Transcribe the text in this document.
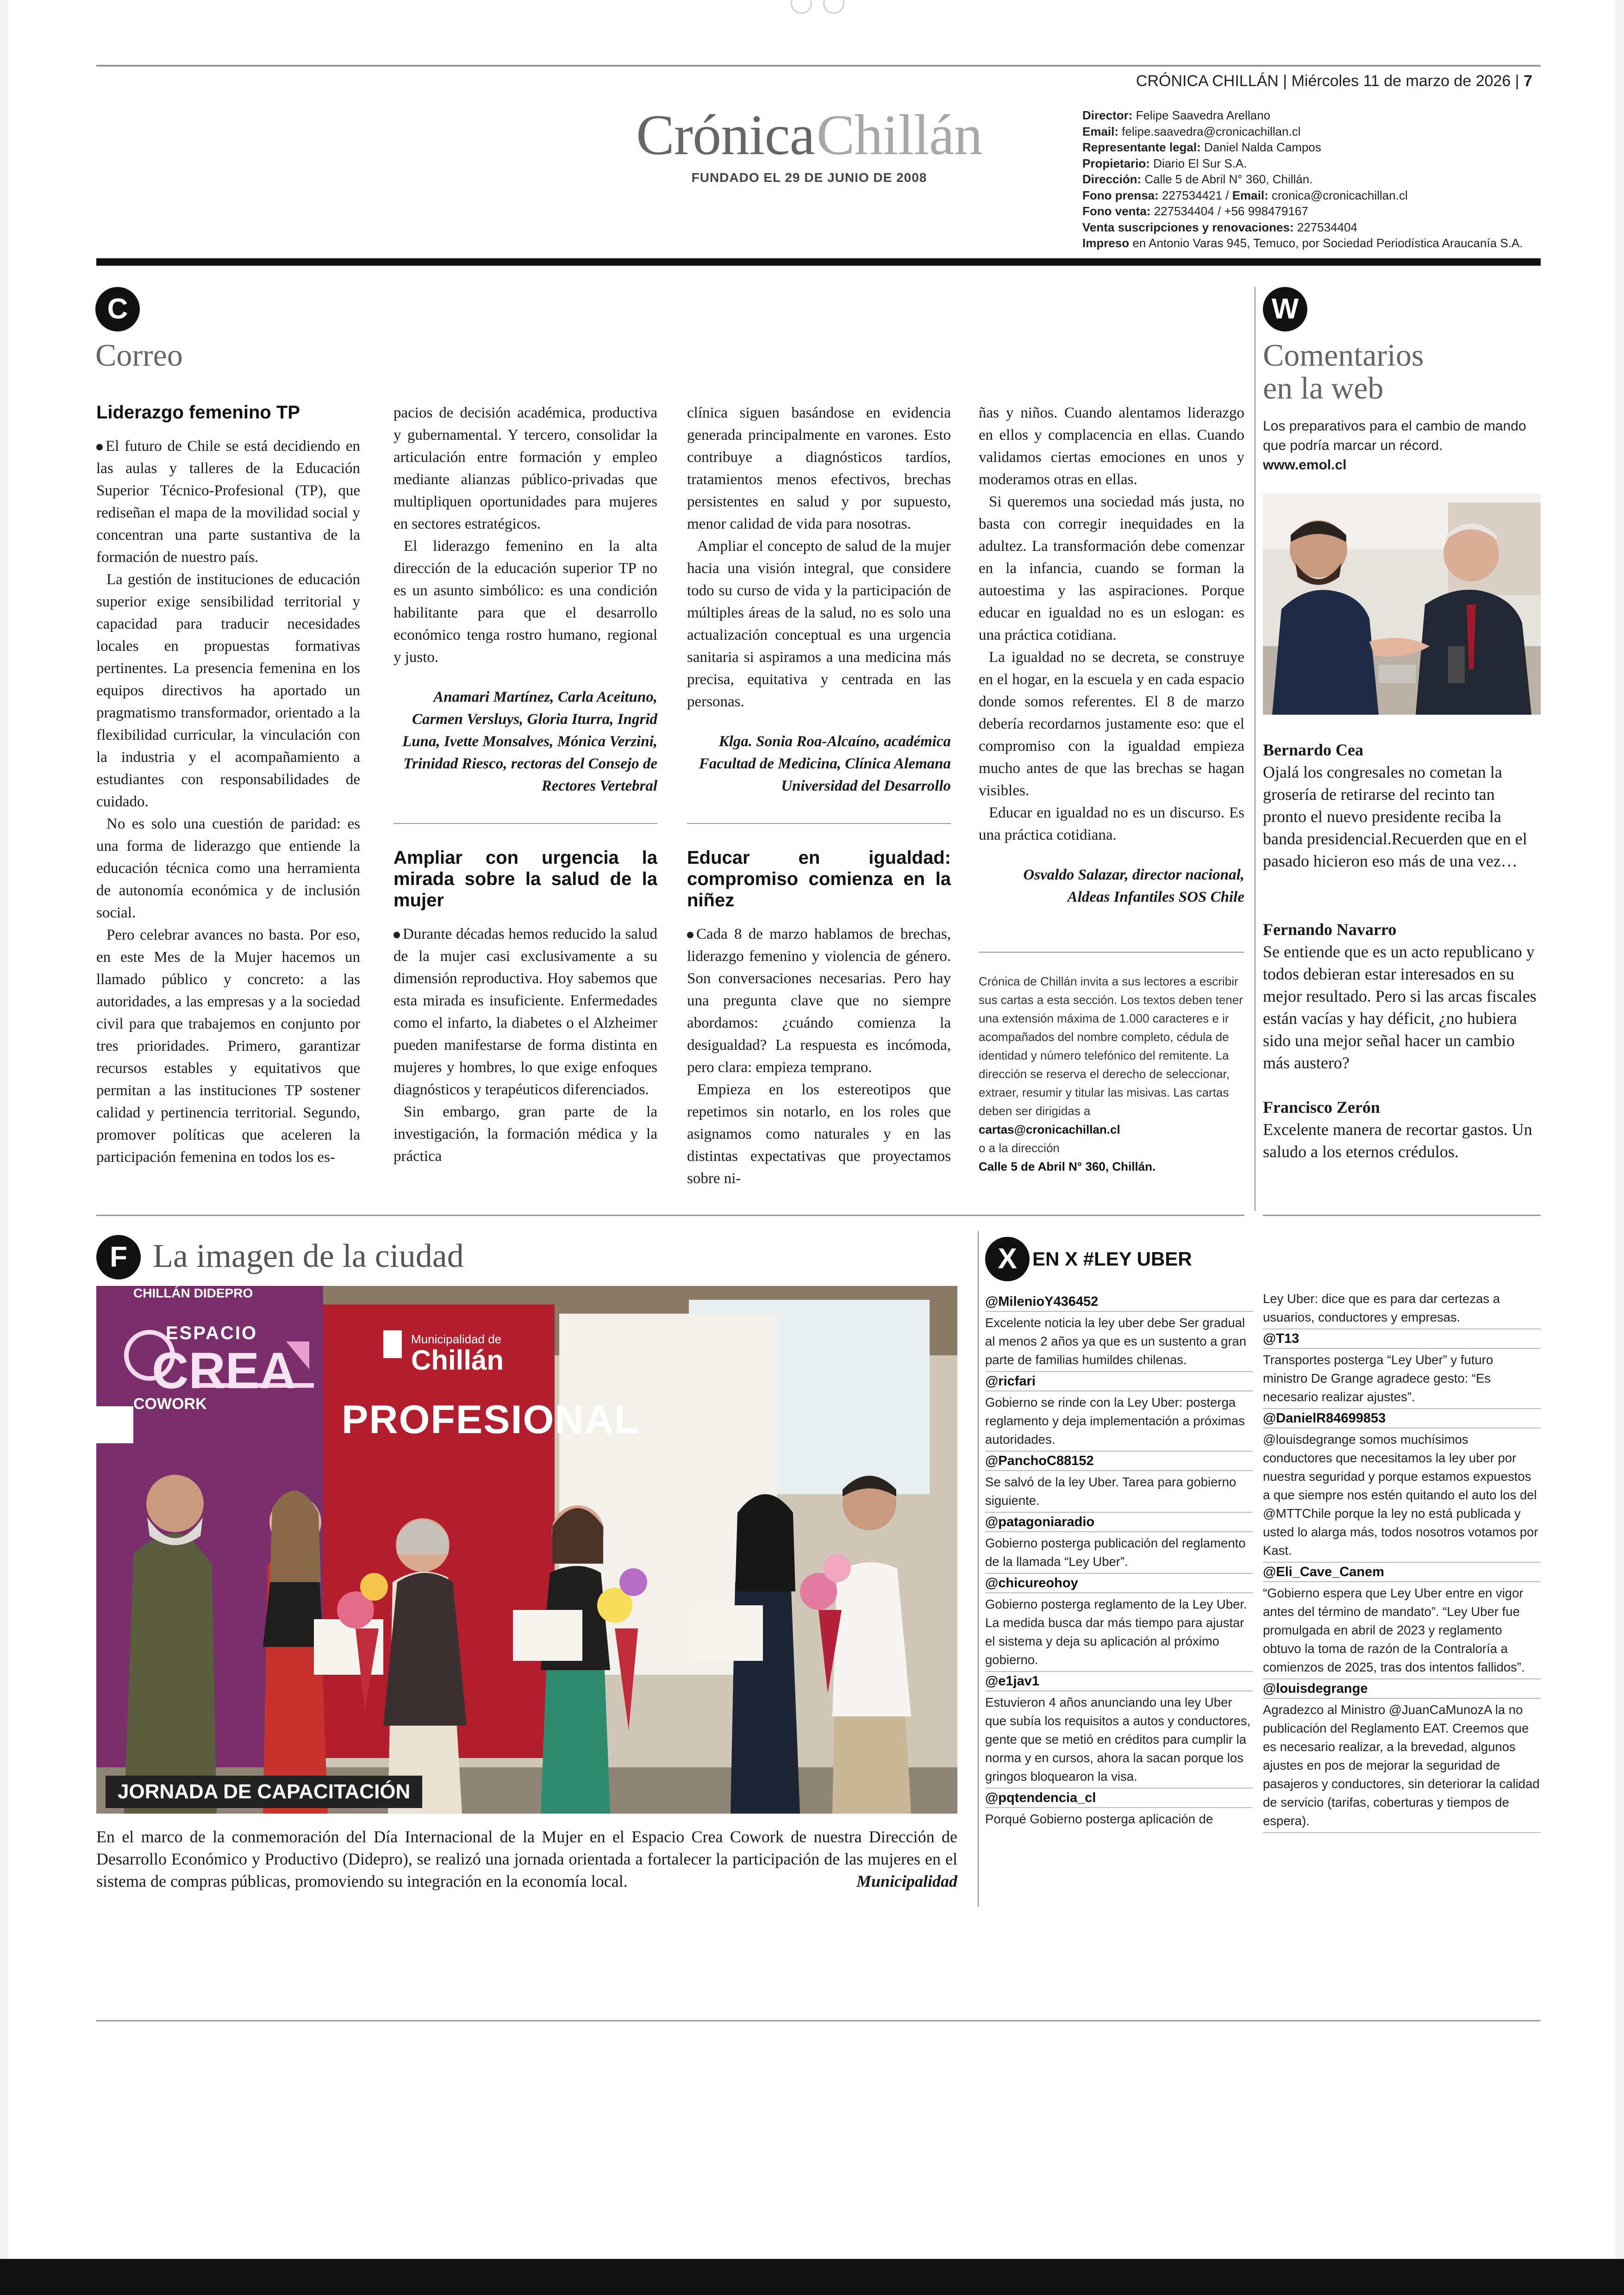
CRÓNICA CHILLÁN | Miércoles 11 de marzo de 2026 | 7
Crónica Chillán
FUNDADO EL 29 DE JUNIO DE 2008
Director: Felipe Saavedra Arellano
Email: felipe.saavedra@cronicachillan.cl
Representante legal: Daniel Nalda Campos
Propietario: Diario El Sur S.A.
Dirección: Calle 5 de Abril N° 360, Chillán.
Fono prensa: 227534421 / Email: cronica@cronicachillan.cl
Fono venta: 227534404 / +56 998479167
Venta suscripciones y renovaciones: 227534404
Impreso en Antonio Varas 945, Temuco, por Sociedad Periodística Araucanía S.A.
C
Correo
Liderazgo femenino TP

El futuro de Chile se está decidiendo en las aulas y talleres de la Educación Superior Técnico-Profesional (TP), que rediseñan el mapa de la movilidad social y concentran una parte sustantiva de la formación de nuestro país.

La gestión de instituciones de educación superior exige sensibilidad territorial y capacidad para traducir necesidades locales en propuestas formativas pertinentes. La presencia femenina en los equipos directivos ha aportado un pragmatismo transformador, orientado a la flexibilidad curricular, la vinculación con la industria y el acompañamiento a estudiantes con responsabilidades de cuidado.

No es solo una cuestión de paridad: es una forma de liderazgo que entiende la educación técnica como una herramienta de autonomía económica y de inclusión social.

Pero celebrar avances no basta. Por eso, en este Mes de la Mujer hacemos un llamado público y concreto: a las autoridades, a las empresas y a la sociedad civil para que trabajemos en conjunto por tres prioridades. Primero, garantizar recursos estables y equitativos que permitan a las instituciones TP sostener calidad y pertinencia territorial. Segundo, promover políticas que aceleren la participación femenina en todos los es-

pacios de decisión académica, productiva y gubernamental. Y tercero, consolidar la articulación entre formación y empleo mediante alianzas público-privadas que multipliquen oportunidades para mujeres en sectores estratégicos.

El liderazgo femenino en la alta dirección de la educación superior TP no es un asunto simbólico: es una condición habilitante para que el desarrollo económico tenga rostro humano, regional y justo.

Anamari Martínez, Carla Aceituno, Carmen Versluys, Gloria Iturra, Ingrid Luna, Ivette Monsalves, Mónica Verzini, Trinidad Riesco, rectoras del Consejo de Rectores Vertebral
Ampliar con urgencia la mirada sobre la salud de la mujer

Durante décadas hemos reducido la salud de la mujer casi exclusivamente a su dimensión reproductiva. Hoy sabemos que esta mirada es insuficiente. Enfermedades como el infarto, la diabetes o el Alzheimer pueden manifestarse de forma distinta en mujeres y hombres, lo que exige enfoques diagnósticos y terapéuticos diferenciados.

Sin embargo, gran parte de la investigación, la formación médica y la práctica

clínica siguen basándose en evidencia generada principalmente en varones. Esto contribuye a diagnósticos tardíos, tratamientos menos efectivos, brechas persistentes en salud y por supuesto, menor calidad de vida para nosotras.

Ampliar el concepto de salud de la mujer hacia una visión integral, que considere todo su curso de vida y la participación de múltiples áreas de la salud, no es solo una actualización conceptual es una urgencia sanitaria si aspiramos a una medicina más precisa, equitativa y centrada en las personas.

Klga. Sonia Roa-Alcaíno, académica Facultad de Medicina, Clínica Alemana Universidad del Desarrollo
Educar en igualdad: compromiso comienza en la niñez

Cada 8 de marzo hablamos de brechas, liderazgo femenino y violencia de género. Son conversaciones necesarias. Pero hay una pregunta clave que no siempre abordamos: ¿cuándo comienza la desigualdad? La respuesta es incómoda, pero clara: empieza temprano.

Empieza en los estereotipos que repetimos sin notarlo, en los roles que asignamos como naturales y en las distintas expectativas que proyectamos sobre ni-

ñas y niños. Cuando alentamos liderazgo en ellos y complacencia en ellas. Cuando validamos ciertas emociones en unos y moderamos otras en ellas.

Si queremos una sociedad más justa, no basta con corregir inequidades en la adultez. La transformación debe comenzar en la infancia, cuando se forman la autoestima y las aspiraciones. Porque educar en igualdad no es un eslogan: es una práctica cotidiana.

La igualdad no se decreta, se construye en el hogar, en la escuela y en cada espacio donde somos referentes. El 8 de marzo debería recordarnos justamente eso: que el compromiso con la igualdad empieza mucho antes de que las brechas se hagan visibles.

Educar en igualdad no es un discurso. Es una práctica cotidiana.

Osvaldo Salazar, director nacional, Aldeas Infantiles SOS Chile
Crónica de Chillán invita a sus lectores a escribir sus cartas a esta sección. Los textos deben tener una extensión máxima de 1.000 caracteres e ir acompañados del nombre completo, cédula de identidad y número telefónico del remitente. La dirección se reserva el derecho de seleccionar, extraer, resumir y titular las misivas. Las cartas deben ser dirigidas a
cartas@cronicachillan.cl
o a la dirección
Calle 5 de Abril N° 360, Chillán.
W
Comentarios
en la web
Los preparativos para el cambio de mando que podría marcar un récord.
www.emol.cl
Bernardo Cea
Ojalá los congresales no cometan la grosería de retirarse del recinto tan pronto el nuevo presidente reciba la banda presidencial.Recuerden que en el pasado hicieron eso más de una vez…
Fernando Navarro
Se entiende que es un acto republicano y todos debieran estar interesados en su mejor resultado. Pero si las arcas fiscales están vacías y hay déficit, ¿no hubiera sido una mejor señal hacer un cambio más austero?
Francisco Zerón
Excelente manera de recortar gastos. Un saludo a los eternos crédulos.
F La imagen de la ciudad
CHILLÁN DIDEPRO
ESPACIO
CREA
COWORK
Municipalidad de
Chillán
PROFESIONAL
JORNADA DE CAPACITACIÓN
En el marco de la conmemoración del Día Internacional de la Mujer en el Espacio Crea Cowork de nuestra Dirección de Desarrollo Económico y Productivo (Didepro), se realizó una jornada orientada a fortalecer la participación de las mujeres en el sistema de compras públicas, promoviendo su integración en la economía local.	Municipalidad
X EN X #LEY UBER
@MilenioY436452
Excelente noticia la ley uber debe Ser gradual al menos 2 años ya que es un sustento a gran parte de familias humildes chilenas.
@ricfari
Gobierno se rinde con la Ley Uber: posterga reglamento y deja implementación a próximas autoridades.
@PanchoC88152
Se salvó de la ley Uber. Tarea para gobierno siguiente.
@patagoniaradio
Gobierno posterga publicación del reglamento de la llamada “Ley Uber”.
@chicureohoy
Gobierno posterga reglamento de la Ley Uber. La medida busca dar más tiempo para ajustar el sistema y deja su aplicación al próximo gobierno.
@e1jav1
Estuvieron 4 años anunciando una ley Uber que subía los requisitos a autos y conductores, gente que se metió en créditos para cumplir la norma y en cursos, ahora la sacan porque los gringos bloquearon la visa.
@pqtendencia_cl
Porqué Gobierno posterga aplicación de
Ley Uber: dice que es para dar certezas a usuarios, conductores y empresas.
@T13
Transportes posterga “Ley Uber” y futuro ministro De Grange agradece gesto: “Es necesario realizar ajustes”.
@DanielR84699853
@louisdegrange somos muchísimos conductores que necesitamos la ley uber por nuestra seguridad y porque estamos expuestos a que siempre nos estén quitando el auto los del @MTTChile porque la ley no está publicada y usted lo alarga más, todos nosotros votamos por Kast.
@Eli_Cave_Canem
“Gobierno espera que Ley Uber entre en vigor antes del término de mandato”. “Ley Uber fue promulgada en abril de 2023 y reglamento obtuvo la toma de razón de la Contraloría a comienzos de 2025, tras dos intentos fallidos”.
@louisdegrange
Agradezco al Ministro @JuanCaMunozA la no publicación del Reglamento EAT. Creemos que es necesario realizar, a la brevedad, algunos ajustes en pos de mejorar la seguridad de pasajeros y conductores, sin deteriorar la calidad de servicio (tarifas, coberturas y tiempos de espera).
